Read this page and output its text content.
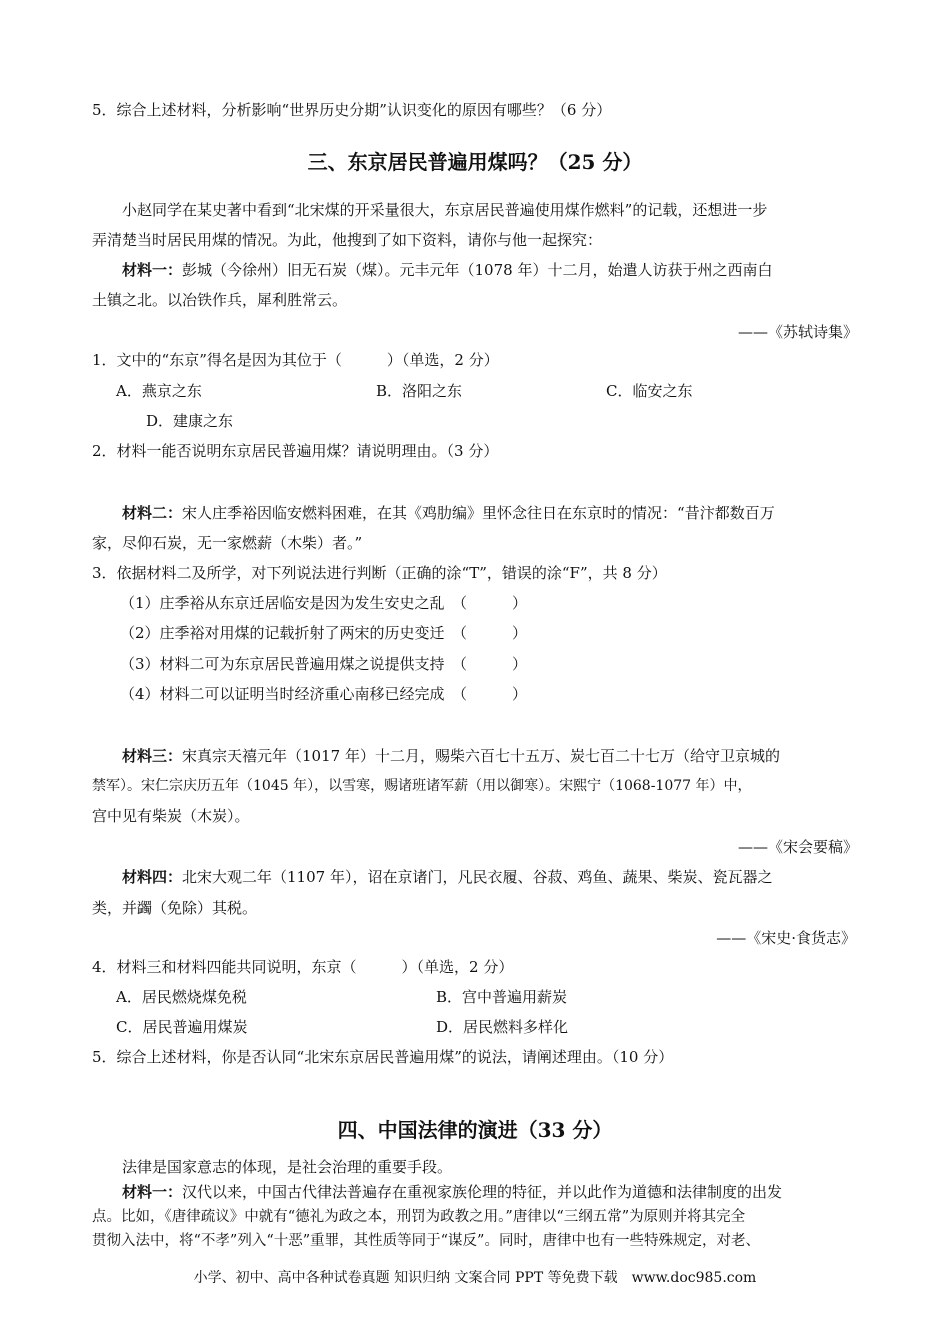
5．综合上述材料，分析影响“世界历史分期”认识变化的原因有哪些？（6 分）
三、东京居民普遍用煤吗？（25 分）
小赵同学在某史著中看到“北宋煤的开采量很大，东京居民普遍使用煤作燃料”的记载，还想进一步
弄清楚当时居民用煤的情况。为此，他搜到了如下资料，请你与他一起探究：
材料一：彭城（今徐州）旧无石炭（煤）。元丰元年（1078 年）十二月，始遣人访获于州之西南白
土镇之北。以冶铁作兵，犀利胜常云。
——《苏轼诗集》
1．文中的“东京”得名是因为其位于（　　　）（单选，2 分）
A．燕京之东	B．洛阳之东	C．临安之东
D．建康之东
2．材料一能否说明东京居民普遍用煤？请说明理由。（3 分）
材料二：宋人庄季裕因临安燃料困难，在其《鸡肋编》里怀念往日在东京时的情况：“昔汴都数百万
家，尽仰石炭，无一家燃薪（木柴）者。”
3．依据材料二及所学，对下列说法进行判断（正确的涂“T”，错误的涂“F”，共 8 分）
（1）庄季裕从东京迁居临安是因为发生安史之乱　（　　　）
（2）庄季裕对用煤的记载折射了两宋的历史变迁　（　　　）
（3）材料二可为东京居民普遍用煤之说提供支持　（　　　）
（4）材料二可以证明当时经济重心南移已经完成　（　　　）
材料三：宋真宗天禧元年（1017 年）十二月，赐柴六百七十五万、炭七百二十七万（给守卫京城的
禁军）。宋仁宗庆历五年（1045 年），以雪寒，赐诸班诸军薪（用以御寒）。宋熙宁（1068-1077 年）中，
宫中见有柴炭（木炭）。
——《宋会要稿》
材料四：北宋大观二年（1107 年），诏在京诸门，凡民衣履、谷菽、鸡鱼、蔬果、柴炭、瓷瓦器之
类，并蠲（免除）其税。
——《宋史·食货志》
4．材料三和材料四能共同说明，东京（　　　）（单选，2 分）
A．居民燃烧煤免税	B．宫中普遍用薪炭
C．居民普遍用煤炭	D．居民燃料多样化
5．综合上述材料，你是否认同“北宋东京居民普遍用煤”的说法，请阐述理由。（10 分）
四、中国法律的演进（33 分）
法律是国家意志的体现，是社会治理的重要手段。
材料一：汉代以来，中国古代律法普遍存在重视家族伦理的特征，并以此作为道德和法律制度的出发
点。比如，《唐律疏议》中就有“德礼为政之本，刑罚为政教之用。”唐律以“三纲五常”为原则并将其完全
贯彻入法中，将“不孝”列入“十恶”重罪，其性质等同于“谋反”。同时，唐律中也有一些特殊规定，对老、
小学、初中、高中各种试卷真题 知识归纳 文案合同 PPT 等免费下载　www.doc985.com
